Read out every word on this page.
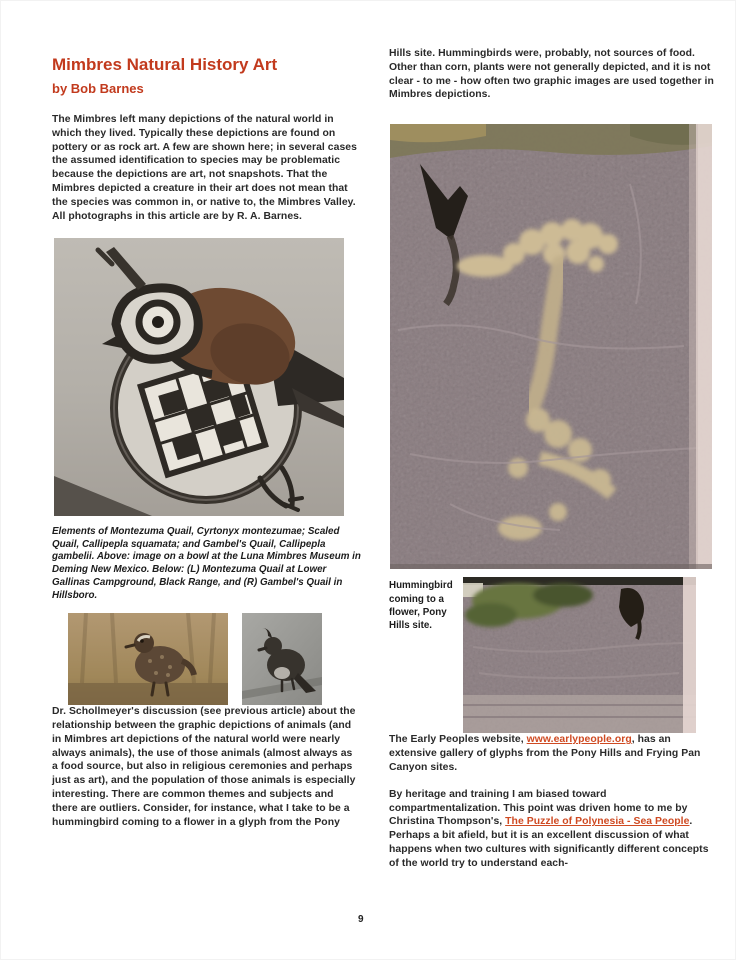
Mimbres Natural History Art
by Bob Barnes

The Mimbres left many depictions of the natural world in which they lived. Typically these depictions are found on pottery or as rock art. A few are shown here; in several cases the assumed identification to species may be problematic because the depictions are art, not snapshots. That the Mimbres depicted a creature in their art does not mean that the species was common in, or native to, the Mimbres Valley. All photographs in this article are by R. A. Barnes.

Elements of Montezuma Quail, Cyrtonyx montezumae; Scaled Quail, Callipepla squamata; and Gambel's Quail, Callipepla gambelii. Above: image on a bowl at the Luna Mimbres Museum in Deming New Mexico. Below: (L) Montezuma Quail at Lower Gallinas Campground, Black Range, and (R) Gambel's Quail in Hillsboro.

Dr. Schollmeyer's discussion (see previous article) about the relationship between the graphic depictions of animals (and in Mimbres art depictions of the natural world were nearly always animals), the use of those animals (almost always as a food source, but also in religious ceremonies and perhaps just as art), and the population of those animals is especially interesting. There are common themes and subjects and there are outliers. Consider, for instance, what I take to be a hummingbird coming to a flower in a glyph from the Pony

Hills site. Hummingbirds were, probably, not sources of food. Other than corn, plants were not generally depicted, and it is not clear - to me - how often two graphic images are used together in Mimbres depictions.

Hummingbird coming to a flower, Pony Hills site.

The Early Peoples website, www.earlypeople.org, has an extensive gallery of glyphs from the Pony Hills and Frying Pan Canyon sites.

By heritage and training I am biased toward compartmentalization. This point was driven home to me by Christina Thompson's, The Puzzle of Polynesia - Sea People. Perhaps a bit afield, but it is an excellent discussion of what happens when two cultures with significantly different concepts of the world try to understand each-

9
